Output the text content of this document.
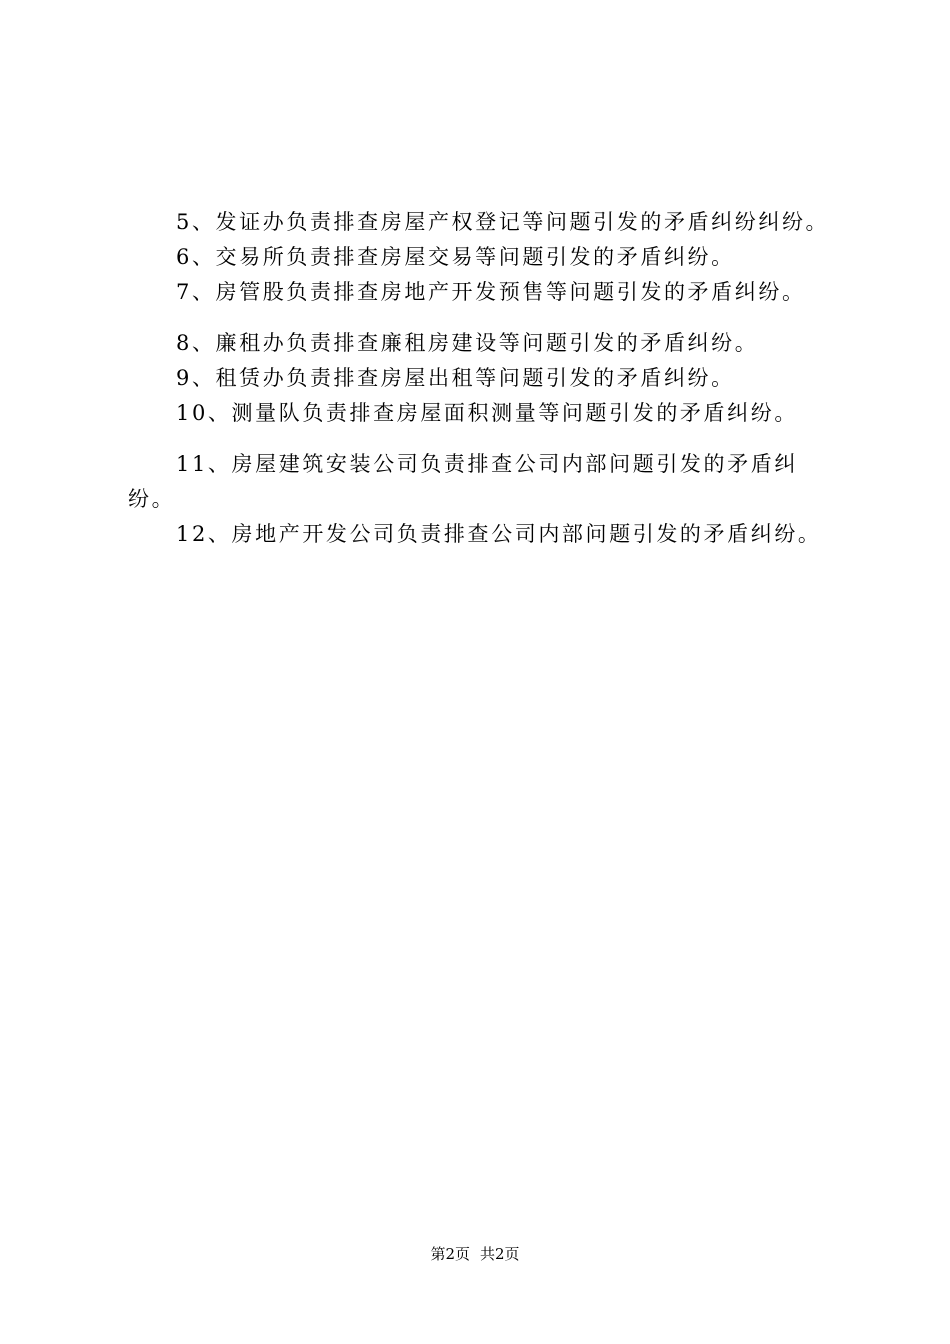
5、发证办负责排查房屋产权登记等问题引发的矛盾纠纷纠纷。

6、交易所负责排查房屋交易等问题引发的矛盾纠纷。

7、房管股负责排查房地产开发预售等问题引发的矛盾纠纷。

8、廉租办负责排查廉租房建设等问题引发的矛盾纠纷。

9、租赁办负责排查房屋出租等问题引发的矛盾纠纷。

10、测量队负责排查房屋面积测量等问题引发的矛盾纠纷。

11、房屋建筑安装公司负责排查公司内部问题引发的矛盾纠纷。

12、房地产开发公司负责排查公司内部问题引发的矛盾纠纷。

第2页 共2页
